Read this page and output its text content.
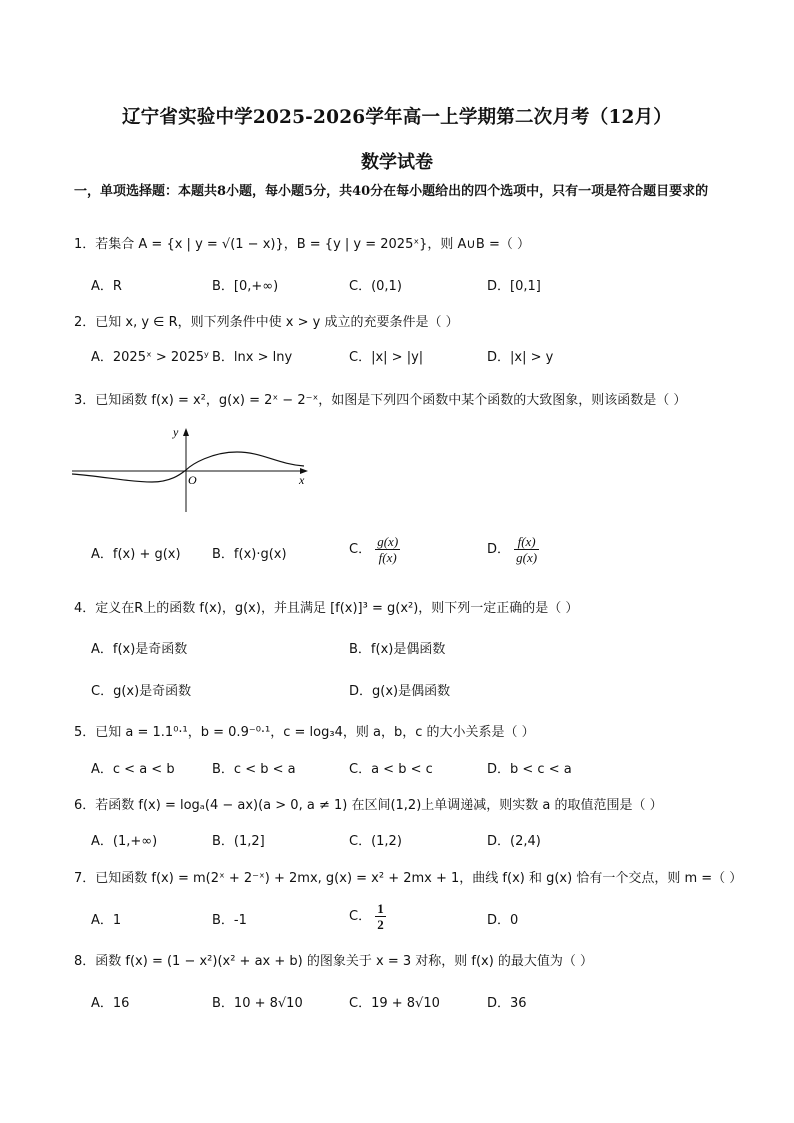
辽宁省实验中学2025-2026学年高一上学期第二次月考（12月）
数学试卷
一，单项选择题：本题共8小题，每小题5分，共40分在每小题给出的四个选项中，只有一项是符合题目要求的
1．若集合 A = {x | y = √(1 − x)}，B = {y | y = 2025ˣ}，则 A∪B =（ ）
A．R	B．[0,+∞)	C．(0,1)	D．[0,1]
2．已知 x, y ∈ R，则下列条件中使 x > y 成立的充要条件是（ ）
A．2025ˣ > 2025ʸ B．lnx > lny	C．|x| > |y|	D．|x| > y
3．已知函数 f(x) = x²，g(x) = 2ˣ − 2⁻ˣ，如图是下列四个函数中某个函数的大致图象，则该函数是（ ）
y
x
O
A．f(x) + g(x) B．f(x)·g(x)	C． $\frac{g(x)}{f(x)}$	D． $\frac{f(x)}{g(x)}$
4．定义在R上的函数 f(x)，g(x)，并且满足 [f(x)]³ = g(x²)，则下列一定正确的是（ ）
A．f(x)是奇函数	B．f(x)是偶函数
C．g(x)是奇函数	D．g(x)是偶函数
5．已知 a = 1.1⁰·¹，b = 0.9⁻⁰·¹，c = log₃4，则 a，b，c 的大小关系是（ ）
A．c < a < b	B．c < b < a	C．a < b < c	D．b < c < a
6．若函数 f(x) = logₐ(4 − ax)(a > 0, a ≠ 1) 在区间(1,2)上单调递减，则实数 a 的取值范围是（ ）
A．(1,+∞)	B．(1,2]	C．(1,2)	D．(2,4)
7．已知函数 f(x) = m(2ˣ + 2⁻ˣ) + 2mx, g(x) = x² + 2mx + 1，曲线 f(x) 和 g(x) 恰有一个交点，则 m =（ ）
A．1	B．-1	C． $\frac{1}{2}$	D．0
8．函数 f(x) = (1 − x²)(x² + ax + b) 的图象关于 x = 3 对称，则 f(x) 的最大值为（ ）
A．16	B．10 + 8√10	C．19 + 8√10	D．36
